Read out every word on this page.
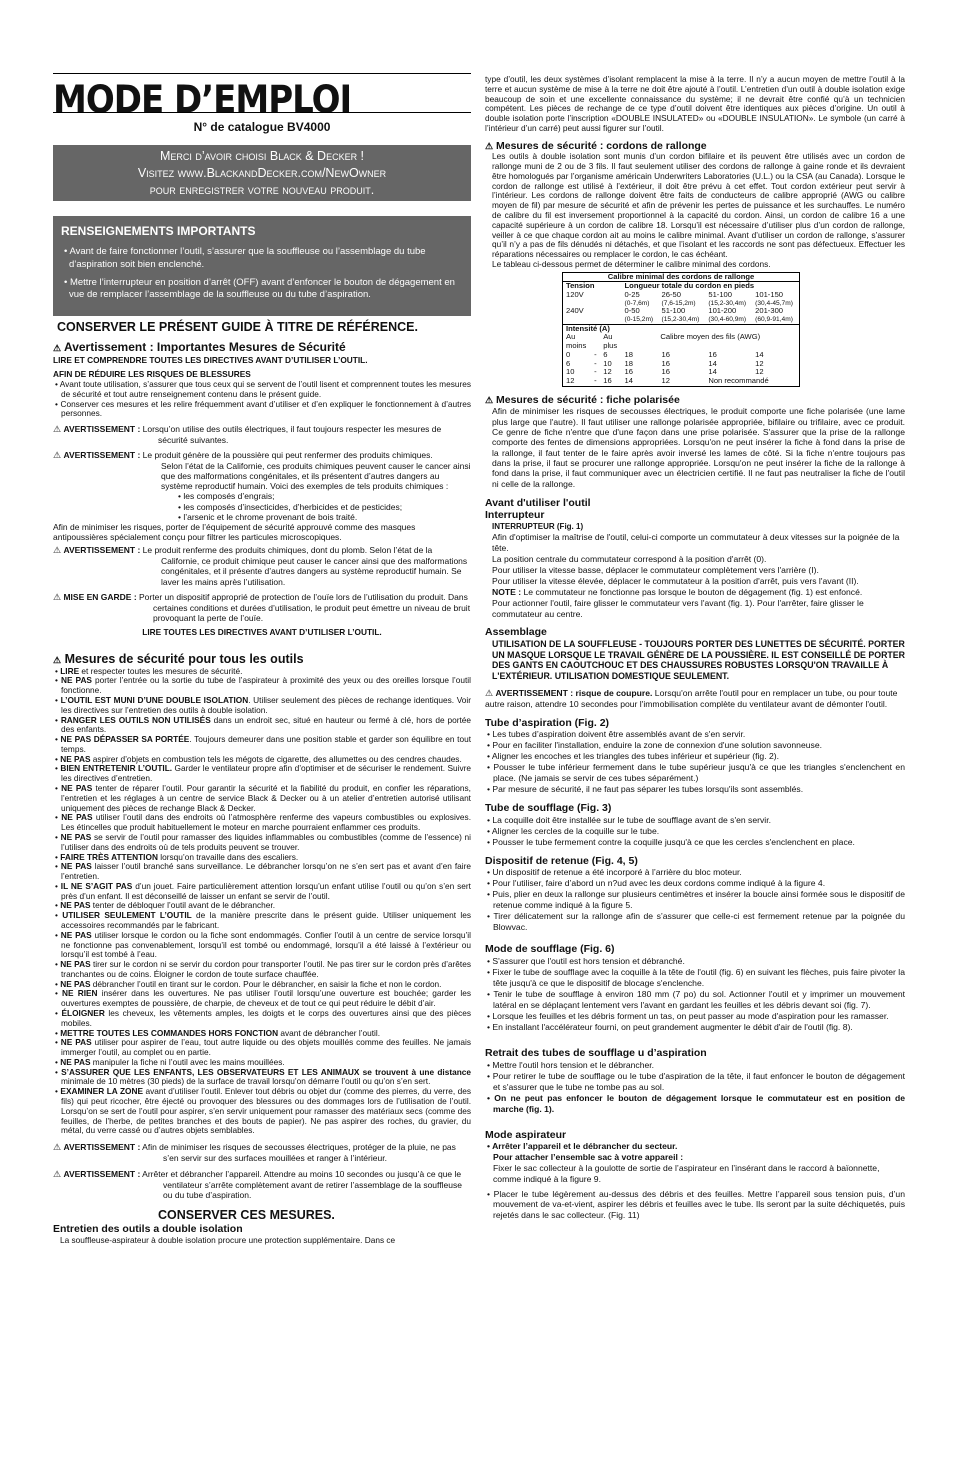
MODE D’EMPLOI
N° de catalogue BV4000
Merci d’avoir choisi Black & Decker !
Visitez www.BlackandDecker.com/NewOwner
pour enregistrer votre nouveau produit.
RENSEIGNEMENTS IMPORTANTS

• Avant de faire fonctionner l’outil, s’assurer que la souffleuse ou l’assemblage du tube d’aspiration soit bien enclenché.

• Mettre l’interrupteur en position d’arrêt (OFF) avant d’enfoncer le bouton de dégagement en vue de remplacer l’assemblage de la souffleuse ou du tube d’aspiration.

CONSERVER LE PRÉSENT GUIDE À TITRE DE RÉFÉRENCE.
⚠ Avertissement : Importantes Mesures de Sécurité
LIRE ET COMPRENDRE TOUTES LES DIRECTIVES AVANT D’UTILISER L’OUTIL.
AFIN DE RÉDUIRE LES RISQUES DE BLESSURES
• Avant toute utilisation, s’assurer que tous ceux qui se servent de l’outil lisent et comprennent toutes les mesures de sécurité et tout autre renseignement contenu dans le présent guide.
• Conserver ces mesures et les relire fréquemment avant d’utiliser et d’en expliquer le fonctionnement à d’autres personnes.
⚠ AVERTISSEMENT : Lorsqu’on utilise des outils électriques, il faut toujours respecter les mesures de sécurité suivantes.
⚠ AVERTISSEMENT : Le produit génère de la poussière qui peut renfermer des produits chimiques.
Selon l’état de la Californie, ces produits chimiques peuvent causer le cancer ainsi que des malformations congénitales, et ils présentent d’autres dangers au système reproductif humain. Voici des exemples de tels produits chimiques :
• les composés d’engrais;
• les composés d’insecticides, d’herbicides et de pesticides;
• l’arsenic et le chrome provenant de bois traité.
Afin de minimiser les risques, porter de l’équipement de sécurité approuvé comme des masques antipoussières spécialement conçu pour filtrer les particules microscopiques.
⚠ AVERTISSEMENT : Le produit renferme des produits chimiques, dont du plomb. Selon l’état de la Californie, ce produit chimique peut causer le cancer ainsi que des malformations congénitales, et il présente d’autres dangers au système reproductif humain. Se laver les mains après l’utilisation.
⚠ MISE EN GARDE : Porter un dispositif approprié de protection de l’ouïe lors de l’utilisation du produit. Dans certaines conditions et durées d’utilisation, le produit peut émettre un niveau de bruit provoquant la perte de l’ouïe.
LIRE TOUTES LES DIRECTIVES AVANT D’UTILISER L’OUTIL.
⚠ Mesures de sécurité pour tous les outils
• LIRE et respecter toutes les mesures de sécurité.
• NE PAS porter l’entrée ou la sortie du tube de l’aspirateur à proximité des yeux ou des oreilles lorsque l’outil fonctionne.
• L’OUTIL EST MUNI D’UNE DOUBLE ISOLATION. Utiliser seulement des pièces de rechange identiques. Voir les directives sur l’entretien des outils à double isolation.
• RANGER LES OUTILS NON UTILISÉS dans un endroit sec, situé en hauteur ou fermé à clé, hors de portée des enfants.
• NE PAS DÉPASSER SA PORTÉE. Toujours demeurer dans une position stable et garder son équilibre en tout temps.
• NE PAS aspirer d’objets en combustion tels les mégots de cigarette, des allumettes ou des cendres chaudes.
• BIEN ENTRETENIR L’OUTIL. Garder le ventilateur propre afin d’optimiser et de sécuriser le rendement. Suivre les directives d’entretien.
• NE PAS tenter de réparer l’outil. Pour garantir la sécurité et la fiabilité du produit, en confier les réparations, l’entretien et les réglages à un centre de service Black & Decker ou à un atelier d’entretien autorisé utilisant uniquement des pièces de rechange Black & Decker.
• NE PAS utiliser l’outil dans des endroits où l’atmosphère renferme des vapeurs combustibles ou explosives. Les étincelles que produit habituellement le moteur en marche pourraient enflammer ces produits.
• NE PAS se servir de l’outil pour ramasser des liquides inflammables ou combustibles (comme de l’essence) ni l’utiliser dans des endroits où de tels produits peuvent se trouver.
• FAIRE TRÈS ATTENTION lorsqu’on travaille dans des escaliers.
• NE PAS laisser l’outil branché sans surveillance. Le débrancher lorsqu’on ne s’en sert pas et avant d’en faire l’entretien.
• IL NE S’AGIT PAS d’un jouet. Faire particulièrement attention lorsqu’un enfant utilise l’outil ou qu’on s’en sert près d’un enfant. Il est déconseillé de laisser un enfant se servir de l’outil.
• NE PAS tenter de débloquer l’outil avant de le débrancher.
• UTILISER SEULEMENT L’OUTIL de la manière prescrite dans le présent guide. Utiliser uniquement les accessoires recommandés par le fabricant.
• NE PAS utiliser lorsque le cordon ou la fiche sont endommagés. Confier l’outil à un centre de service lorsqu’il ne fonctionne pas convenablement, lorsqu’il est tombé ou endommagé, lorsqu’il a été laissé à l’extérieur ou lorsqu’il est tombé à l’eau.
• NE PAS tirer sur le cordon ni se servir du cordon pour transporter l’outil. Ne pas tirer sur le cordon près d’arêtes tranchantes ou de coins. Éloigner le cordon de toute surface chauffée.
• NE PAS débrancher l’outil en tirant sur le cordon. Pour le débrancher, en saisir la fiche et non le cordon.
• NE RIEN insérer dans les ouvertures. Ne pas utiliser l’outil lorsqu’une ouverture est bouchée; garder les ouvertures exemptes de poussière, de charpie, de cheveux et de tout ce qui peut réduire le débit d’air.
• ÉLOIGNER les cheveux, les vêtements amples, les doigts et le corps des ouvertures ainsi que des pièces mobiles.
• METTRE TOUTES LES COMMANDES HORS FONCTION avant de débrancher l’outil.
• NE PAS utiliser pour aspirer de l’eau, tout autre liquide ou des objets mouillés comme des feuilles. Ne jamais immerger l’outil, au complet ou en partie.
• NE PAS manipuler la fiche ni l’outil avec les mains mouillées.
• S’ASSURER QUE LES ENFANTS, LES OBSERVATEURS ET LES ANIMAUX se trouvent à une distance minimale de 10 mètres (30 pieds) de la surface de travail lorsqu’on démarre l’outil ou qu’on s’en sert.
• EXAMINER LA ZONE avant d’utiliser l’outil. Enlever tout débris ou objet dur (comme des pierres, du verre, des fils) qui peut ricocher, être éjecté ou provoquer des blessures ou des dommages lors de l’utilisation de l’outil. Lorsqu’on se sert de l’outil pour aspirer, s’en servir uniquement pour ramasser des matériaux secs (comme des feuilles, de l’herbe, de petites branches et des bouts de papier). Ne pas aspirer des roches, du gravier, du métal, du verre cassé ou d’autres objets semblables.
⚠ AVERTISSEMENT : Afin de minimiser les risques de secousses électriques, protéger de la pluie, ne pas s’en servir sur des surfaces mouillées et ranger à l’intérieur.
⚠ AVERTISSEMENT : Arrêter et débrancher l’appareil. Attendre au moins 10 secondes ou jusqu’à ce que le ventilateur s’arrête complètement avant de retirer l’assemblage de la souffleuse ou du tube d’aspiration.
CONSERVER CES MESURES.
Entretien des outils a double isolation
La souffleuse-aspirateur à double isolation procure une protection supplémentaire. Dans ce
type d’outil, les deux systèmes d’isolant remplacent la mise à la terre. Il n’y a aucun moyen de mettre l’outil à la terre et aucun système de mise à la terre ne doit être ajouté à l’outil. L’entretien d’un outil à double isolation exige beaucoup de soin et une excellente connaissance du système; il ne devrait être confié qu’à un technicien compétent. Les pièces de rechange de ce type d’outil doivent être identiques aux pièces d’origine. Un outil à double isolation porte l’inscription «DOUBLE INSULATED» ou «DOUBLE INSULATION». Le symbole (un carré à l’intérieur d’un carré) peut aussi figurer sur l’outil.
⚠ Mesures de sécurité : cordons de rallonge
Les outils à double isolation sont munis d’un cordon bifilaire et ils peuvent être utilisés avec un cordon de rallonge muni de 2 ou de 3 fils. Il faut seulement utiliser des cordons de rallonge à gaine ronde et ils devraient être homologués par l’organisme américain Underwriters Laboratories (U.L.) ou la CSA (au Canada). Lorsque le cordon de rallonge est utilisé à l’extérieur, il doit être prévu à cet effet. Tout cordon extérieur peut servir à l’intérieur. Les cordons de rallonge doivent être faits de conducteurs de calibre approprié (AWG ou calibre moyen de fil) par mesure de sécurité et afin de prévenir les pertes de puissance et les surchauffes. Le numéro de calibre du fil est inversement proportionnel à la capacité du cordon. Ainsi, un cordon de calibre 16 a une capacité supérieure à un cordon de calibre 18. Lorsqu’il est nécessaire d’utiliser plus d’un cordon de rallonge, veiller à ce que chaque cordon ait au moins le calibre minimal. Avant d’utiliser un cordon de rallonge, s’assurer qu’il n’y a pas de fils dénudés ni détachés, et que l’isolant et les raccords ne sont pas défectueux. Effectuer les réparations nécessaires ou remplacer le cordon, le cas échéant.
Le tableau ci-dessous permet de déterminer le calibre minimal des cordons.
Calibre minimal des cordons de rallonge						
Tension			Longueur totale du cordon en pieds			
120V			0-25	26-50	51-100	101-150
			(0-7,6m)	(7,6-15,2m)	(15,2-30,4m)	(30,4-45,7m)
240V			0-50	51-100	101-200	201-300
			(0-15,2m)	(15,2-30,4m)	(30,4-60,9m)	(60,9-91,4m)
Intensité (A)						
Au		Au	Calibre moyen des fils (AWG)			
moins		plus				
0	-	6	18	16	16	14
6	-	10	18	16	14	12
10	-	12	16	16	14	12
12	-	16	14	12	Non recommandé	
⚠ Mesures de sécurité : fiche polarisée
Afin de minimiser les risques de secousses électriques, le produit comporte une fiche polarisée (une lame plus large que l'autre). Il faut utiliser une rallonge polarisée appropriée, bifilaire ou trifilaire, avec ce produit. Ce genre de fiche n'entre que d'une façon dans une prise polarisée. S'assurer que la prise de la rallonge comporte des fentes de dimensions appropriées. Lorsqu'on ne peut insérer la fiche à fond dans la prise de la rallonge, il faut tenter de le faire après avoir inversé les lames de côté. Si la fiche n'entre toujours pas dans la prise, il faut se procurer une rallonge appropriée. Lorsqu'on ne peut insérer la fiche de la rallonge à fond dans la prise, il faut communiquer avec un électricien certifié. Il ne faut pas neutraliser la fiche de l'outil ni celle de la rallonge.
Avant d'utiliser l'outil
Interrupteur
INTERRUPTEUR (Fig. 1)
Afin d'optimiser la maîtrise de l'outil, celui-ci comporte un commutateur à deux vitesses sur la poignée de la tête.
La position centrale du commutateur correspond à la position d'arrêt (0).
Pour utiliser la vitesse basse, déplacer le commutateur complètement vers l'arrière (I).
Pour utiliser la vitesse élevée, déplacer le commutateur à la position d'arrêt, puis vers l'avant (II).
NOTE : Le commutateur ne fonctionne pas lorsque le bouton de dégagement (fig. 1) est enfoncé.
Pour actionner l'outil, faire glisser le commutateur vers l'avant (fig. 1). Pour l'arrêter, faire glisser le commutateur au centre.
Assemblage
UTILISATION DE LA SOUFFLEUSE - TOUJOURS PORTER DES LUNETTES DE SÉCURITÉ. PORTER UN MASQUE LORSQUE LE TRAVAIL GÉNÈRE DE LA POUSSIÈRE. IL EST CONSEILLÉ DE PORTER DES GANTS EN CAOUTCHOUC ET DES CHAUSSURES ROBUSTES LORSQU'ON TRAVAILLE À L'EXTÉRIEUR. UTILISATION DOMESTIQUE SEULEMENT.
⚠ AVERTISSEMENT : risque de coupure. Lorsqu'on arrête l'outil pour en remplacer un tube, ou pour toute autre raison, attendre 10 secondes pour l'immobilisation complète du ventilateur avant de démonter l'outil.
Tube d’aspiration (Fig. 2)
• Les tubes d’aspiration doivent être assemblés avant de s'en servir.
• Pour en faciliter l'installation, enduire la zone de connexion d'une solution savonneuse.
• Aligner les encoches et les triangles des tubes inférieur et supérieur (fig. 2).
• Pousser le tube inférieur fermement dans le tube supérieur jusqu'à ce que les triangles s'enclenchent en place. (Ne jamais se servir de ces tubes séparément.)
• Par mesure de sécurité, il ne faut pas séparer les tubes lorsqu'ils sont assemblés.
Tube de soufflage (Fig. 3)
• La coquille doit être installée sur le tube de soufflage avant de s'en servir.
• Aligner les cercles de la coquille sur le tube.
• Pousser le tube fermement contre la coquille jusqu'à ce que les cercles s'enclenchent en place.
Dispositif de retenue (Fig. 4, 5)
• Un dispositif de retenue a été incorporé à l’arrière du bloc moteur.
• Pour l'utiliser, faire d’abord un n?ud avec les deux cordons comme indiqué à la figure 4.
• Puis, plier en deux la rallonge sur plusieurs centimètres et insérer la boucle ainsi formée sous le dispositif de retenue comme indiqué à la figure 5.
• Tirer délicatement sur la rallonge afin de s’assurer que celle-ci est fermement retenue par la poignée du Blowvac.
Mode de soufflage (Fig. 6)
• S'assurer que l'outil est hors tension et débranché.
• Fixer le tube de soufflage avec la coquille à la tête de l'outil (fig. 6) en suivant les flèches, puis faire pivoter la tête jusqu'à ce que le dispositif de blocage s'enclenche.
• Tenir le tube de soufflage à environ 180 mm (7 po) du sol. Actionner l'outil et y imprimer un mouvement latéral en se déplaçant lentement vers l'avant en gardant les feuilles et les débris devant soi (fig. 7).
• Lorsque les feuilles et les débris forment un tas, on peut passer au mode d'aspiration pour les ramasser.
• En installant l'accélérateur fourni, on peut grandement augmenter le débit d'air de l'outil (fig. 8).
Retrait des tubes de soufflage u d’aspiration
• Mettre l'outil hors tension et le débrancher.
• Pour retirer le tube de soufflage ou le tube d'aspiration de la tête, il faut enfoncer le bouton de dégagement et s'assurer que le tube ne tombe pas au sol.
• On ne peut pas enfoncer le bouton de dégagement lorsque le commutateur est en position de marche (fig. 1).
Mode aspirateur
• Arrêter l’appareil et le débrancher du secteur.
Pour attacher l’ensemble sac à votre appareil :
Fixer le sac collecteur à la goulotte de sortie de l’aspirateur en l’insérant dans le raccord à baïonnette, comme indiqué à la figure 9.
• Placer le tube légèrement au-dessus des débris et des feuilles. Mettre l’appareil sous tension puis, d’un mouvement de va-et-vient, aspirer les débris et feuilles avec le tube. Ils seront par la suite déchiquetés, puis rejetés dans le sac collecteur. (Fig. 11)
